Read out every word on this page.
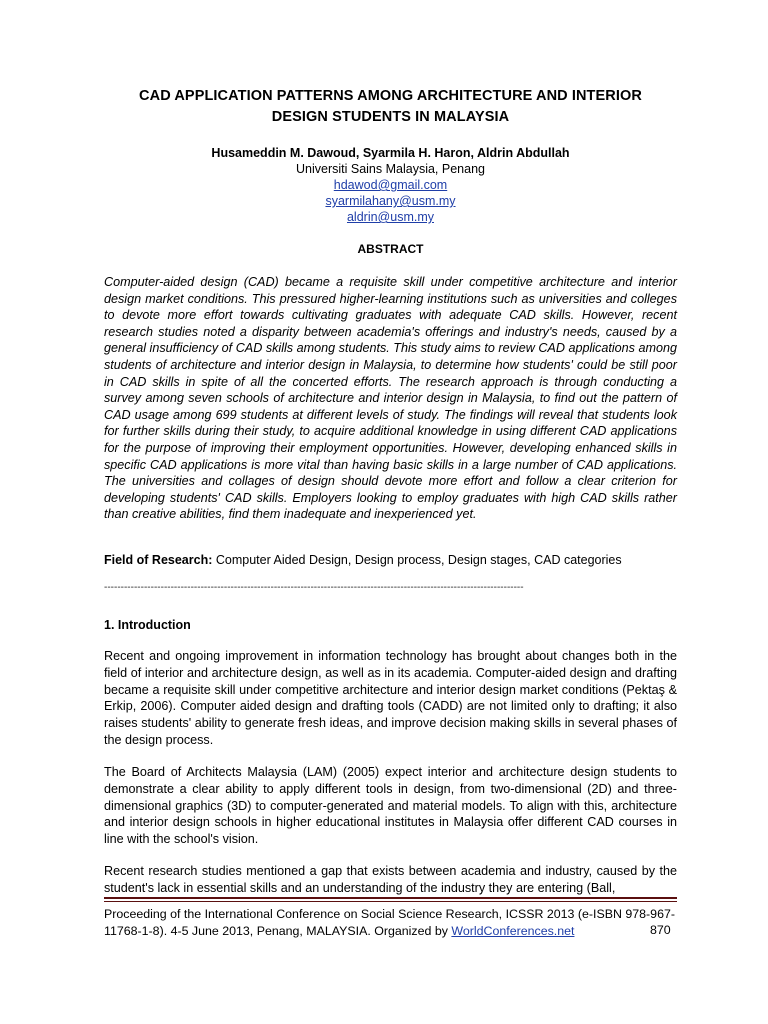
CAD APPLICATION PATTERNS AMONG ARCHITECTURE AND INTERIOR
DESIGN STUDENTS IN MALAYSIA
Husameddin M. Dawoud, Syarmila H. Haron, Aldrin Abdullah
Universiti Sains Malaysia, Penang
hdawod@gmail.com
syarmilahany@usm.my
aldrin@usm.my
ABSTRACT
Computer-aided design (CAD) became a requisite skill under competitive architecture and interior design market conditions. This pressured higher-learning institutions such as universities and colleges to devote more effort towards cultivating graduates with adequate CAD skills. However, recent research studies noted a disparity between academia's offerings and industry's needs, caused by a general insufficiency of CAD skills among students. This study aims to review CAD applications among students of architecture and interior design in Malaysia, to determine how students' could be still poor in CAD skills in spite of all the concerted efforts. The research approach is through conducting a survey among seven schools of architecture and interior design in Malaysia, to find out the pattern of CAD usage among 699 students at different levels of study. The findings will reveal that students look for further skills during their study, to acquire additional knowledge in using different CAD applications for the purpose of improving their employment opportunities. However, developing enhanced skills in specific CAD applications is more vital than having basic skills in a large number of CAD applications. The universities and collages of design should devote more effort and follow a clear criterion for developing students' CAD skills. Employers looking to employ graduates with high CAD skills rather than creative abilities, find them inadequate and inexperienced yet.
Field of Research: Computer Aided Design, Design process, Design stages, CAD categories
------------------------------------------------------------------------------------------------------------------------------
1. Introduction
Recent and ongoing improvement in information technology has brought about changes both in the field of interior and architecture design, as well as in its academia. Computer-aided design and drafting became a requisite skill under competitive architecture and interior design market conditions (Pektaş & Erkip, 2006). Computer aided design and drafting tools (CADD) are not limited only to drafting; it also raises students' ability to generate fresh ideas, and improve decision making skills in several phases of the design process.
The Board of Architects Malaysia (LAM) (2005) expect interior and architecture design students to demonstrate a clear ability to apply different tools in design, from two-dimensional (2D) and three-dimensional graphics (3D) to computer-generated and material models. To align with this, architecture and interior design schools in higher educational institutes in Malaysia offer different CAD courses in line with the school's vision.
Recent research studies mentioned a gap that exists between academia and industry, caused by the student's lack in essential skills and an understanding of the industry they are entering (Ball,
Proceeding of the International Conference on Social Science Research, ICSSR 2013 (e-ISBN 978-967-11768-1-8). 4-5 June 2013, Penang, MALAYSIA. Organized by WorldConferences.net	870
